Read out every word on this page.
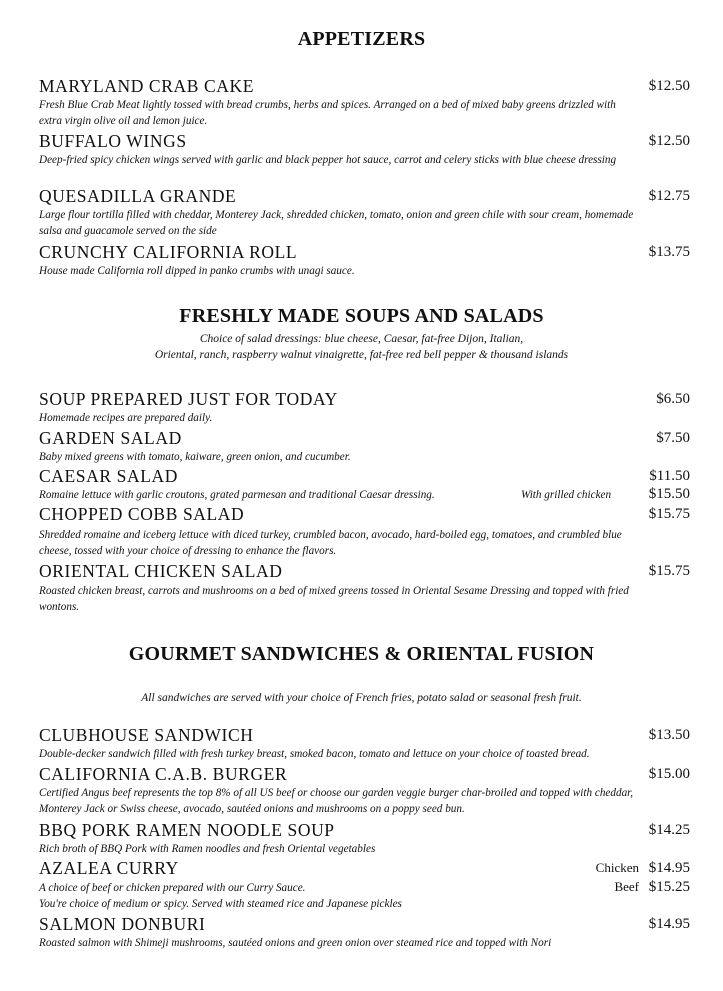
APPETIZERS
MARYLAND CRAB CAKE	$12.50
Fresh Blue Crab Meat lightly tossed with bread crumbs, herbs and spices. Arranged on a bed of mixed baby greens drizzled with extra virgin olive oil and lemon juice.
BUFFALO WINGS	$12.50
Deep-fried spicy chicken wings served with garlic and black pepper hot sauce, carrot and celery sticks with blue cheese dressing
QUESADILLA GRANDE	$12.75
Large flour tortilla filled with cheddar, Monterey Jack, shredded chicken, tomato, onion and green chile with sour cream, homemade salsa and guacamole served on the side
CRUNCHY CALIFORNIA ROLL	$13.75
House made California roll dipped in panko crumbs with unagi sauce.
FRESHLY MADE SOUPS AND SALADS
Choice of salad dressings: blue cheese, Caesar, fat-free Dijon, Italian,
Oriental, ranch, raspberry walnut vinaigrette, fat-free red bell pepper & thousand islands
SOUP PREPARED JUST FOR TODAY	$6.50
Homemade recipes are prepared daily.
GARDEN SALAD	$7.50
Baby mixed greens with tomato, kaiware, green onion, and cucumber.
CAESAR SALAD	$11.50
Romaine lettuce with garlic croutons, grated parmesan and traditional Caesar dressing.	With grilled chicken	$15.50
CHOPPED COBB SALAD	$15.75
Shredded romaine and iceberg lettuce with diced turkey, crumbled bacon, avocado, hard-boiled egg, tomatoes, and crumbled blue cheese, tossed with your choice of dressing to enhance the flavors.
ORIENTAL CHICKEN SALAD	$15.75
Roasted chicken breast, carrots and mushrooms on a bed of mixed greens tossed in Oriental Sesame Dressing and topped with fried wontons.
GOURMET SANDWICHES & ORIENTAL FUSION
All sandwiches are served with your choice of French fries, potato salad or seasonal fresh fruit.
CLUBHOUSE SANDWICH	$13.50
Double-decker sandwich filled with fresh turkey breast, smoked bacon, tomato and lettuce on your choice of toasted bread.
CALIFORNIA C.A.B. BURGER	$15.00
Certified Angus beef represents the top 8% of all US beef or choose our garden veggie burger char-broiled and topped with cheddar, Monterey Jack or Swiss cheese, avocado, sautéed onions and mushrooms on a poppy seed bun.
BBQ PORK RAMEN NOODLE SOUP	$14.25
Rich broth of BBQ Pork with Ramen noodles and fresh Oriental vegetables
AZALEA CURRY	Chicken $14.95
A choice of beef or chicken prepared with our Curry Sauce.	Beef $15.25
You're choice of medium or spicy. Served with steamed rice and Japanese pickles
SALMON DONBURI	$14.95
Roasted salmon with Shimeji mushrooms, sautéed onions and green onion over steamed rice and topped with Nori
